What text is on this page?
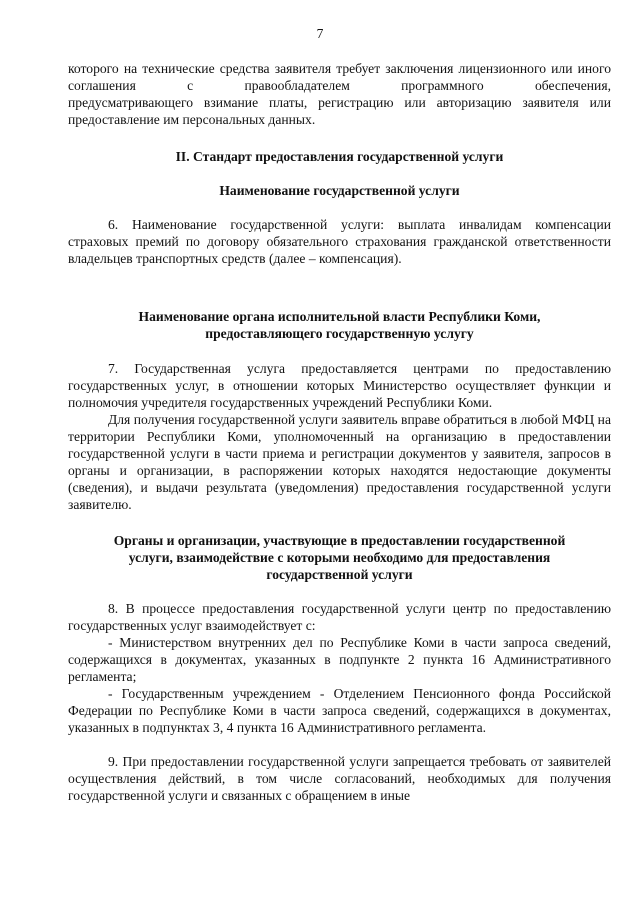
7

которого на технические средства заявителя требует заключения лицензионного или иного соглашения с правообладателем программного обеспечения,

предусматривающего взимание платы, регистрацию или авторизацию заявителя или предоставление им персональных данных.

II. Стандарт предоставления государственной услуги

Наименование государственной услуги

6. Наименование государственной услуги: выплата инвалидам компенсации страховых премий по договору обязательного страхования гражданской ответственности владельцев транспортных средств (далее – компенсация).

Наименование органа исполнительной власти Республики Коми,

предоставляющего государственную услугу

7. Государственная услуга предоставляется центрами по предоставлению государственных услуг, в отношении которых Министерство осуществляет функции и полномочия учредителя государственных учреждений Республики Коми.

Для получения государственной услуги заявитель вправе обратиться в любой МФЦ на территории Республики Коми, уполномоченный на организацию в предоставлении государственной услуги в части приема и регистрации документов у заявителя, запросов в органы и организации, в распоряжении которых находятся недостающие документы (сведения), и выдачи результата (уведомления) предоставления государственной услуги заявителю.

Органы и организации, участвующие в предоставлении государственной

услуги, взаимодействие с которыми необходимо для предоставления

государственной услуги

8. В процессе предоставления государственной услуги центр по предоставлению государственных услуг взаимодействует с:

- Министерством внутренних дел по Республике Коми в части запроса сведений, содержащихся в документах, указанных в подпункте 2 пункта 16 Административного регламента;

- Государственным учреждением - Отделением Пенсионного фонда Российской Федерации по Республике Коми в части запроса сведений, содержащихся в документах, указанных в подпунктах 3, 4 пункта 16 Административного регламента.

9. При предоставлении государственной услуги запрещается требовать от заявителей осуществления действий, в том числе согласований, необходимых для получения государственной услуги и связанных с обращением в иные
